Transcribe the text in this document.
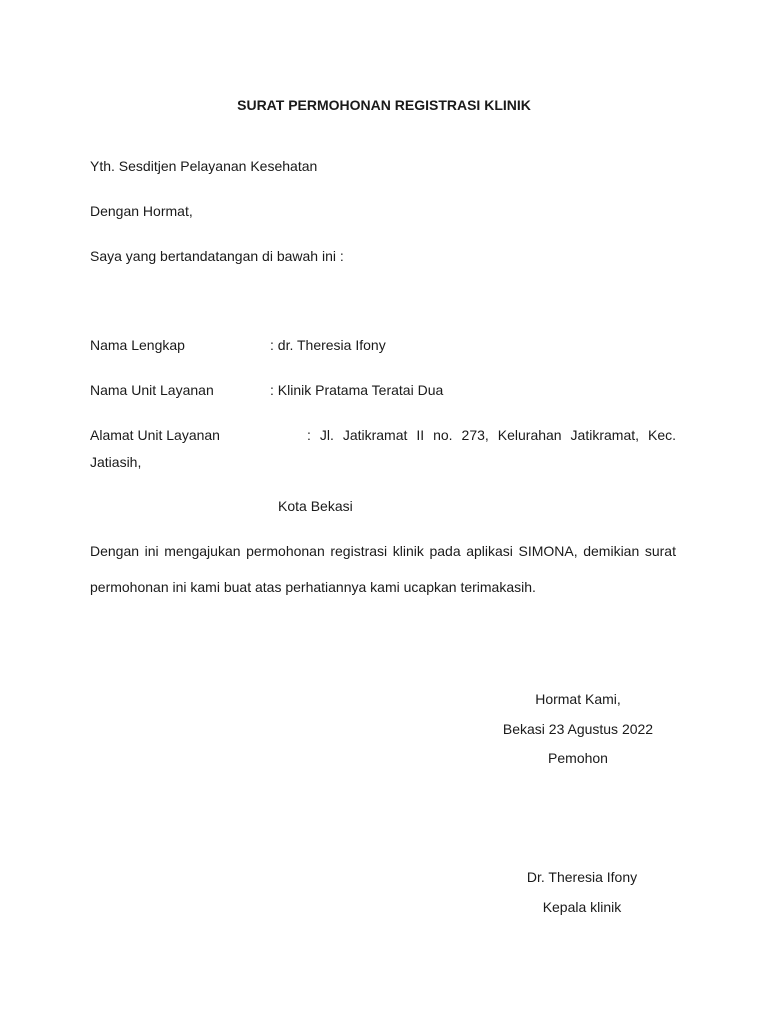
SURAT PERMOHONAN REGISTRASI KLINIK
Yth. Sesditjen Pelayanan Kesehatan
Dengan Hormat,
Saya yang bertandatangan di bawah ini :
Nama Lengkap	: dr. Theresia Ifony
Nama Unit Layanan	: Klinik Pratama Teratai Dua
Alamat Unit Layanan	: Jl. Jatikramat II no. 273, Kelurahan Jatikramat, Kec.
Jatiasih,
Kota Bekasi
Dengan ini mengajukan permohonan registrasi klinik pada aplikasi SIMONA, demikian surat permohonan ini kami buat atas perhatiannya kami ucapkan terimakasih.
Hormat Kami,
Bekasi 23 Agustus 2022
Pemohon
Dr. Theresia Ifony
Kepala klinik
